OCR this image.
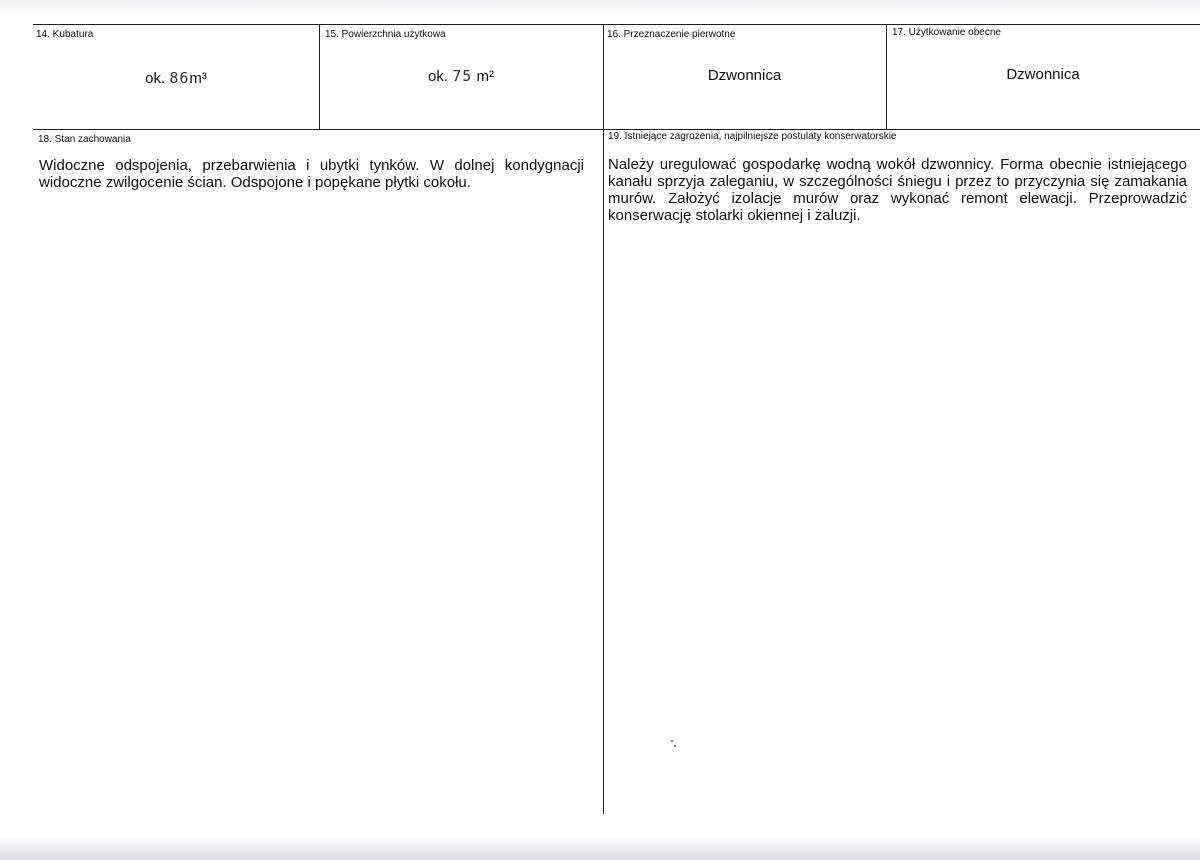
14. Kubatura
ok. 86m³
15. Powierzchnia użytkowa
ok. 75 m²
16. Przeznaczenie pierwotne
Dzwonnica
17. Użytkowanie obecne
Dzwonnica
18. Stan zachowania
Widoczne odspojenia, przebarwienia i ubytki tynków. W dolnej kondygnacji widoczne zwilgocenie ścian. Odspojone i popękane płytki cokołu.
19. Istniejące zagrożenia, najpilniejsze postulaty konserwatorskie
Należy uregulować gospodarkę wodną wokół dzwonnicy. Forma obecnie istniejącego kanału sprzyja zaleganiu, w szczególności śniegu i przez to przyczynia się zamakania murów. Założyć izolacje murów oraz wykonać remont elewacji. Przeprowadzić konserwację stolarki okiennej i żaluzji.
